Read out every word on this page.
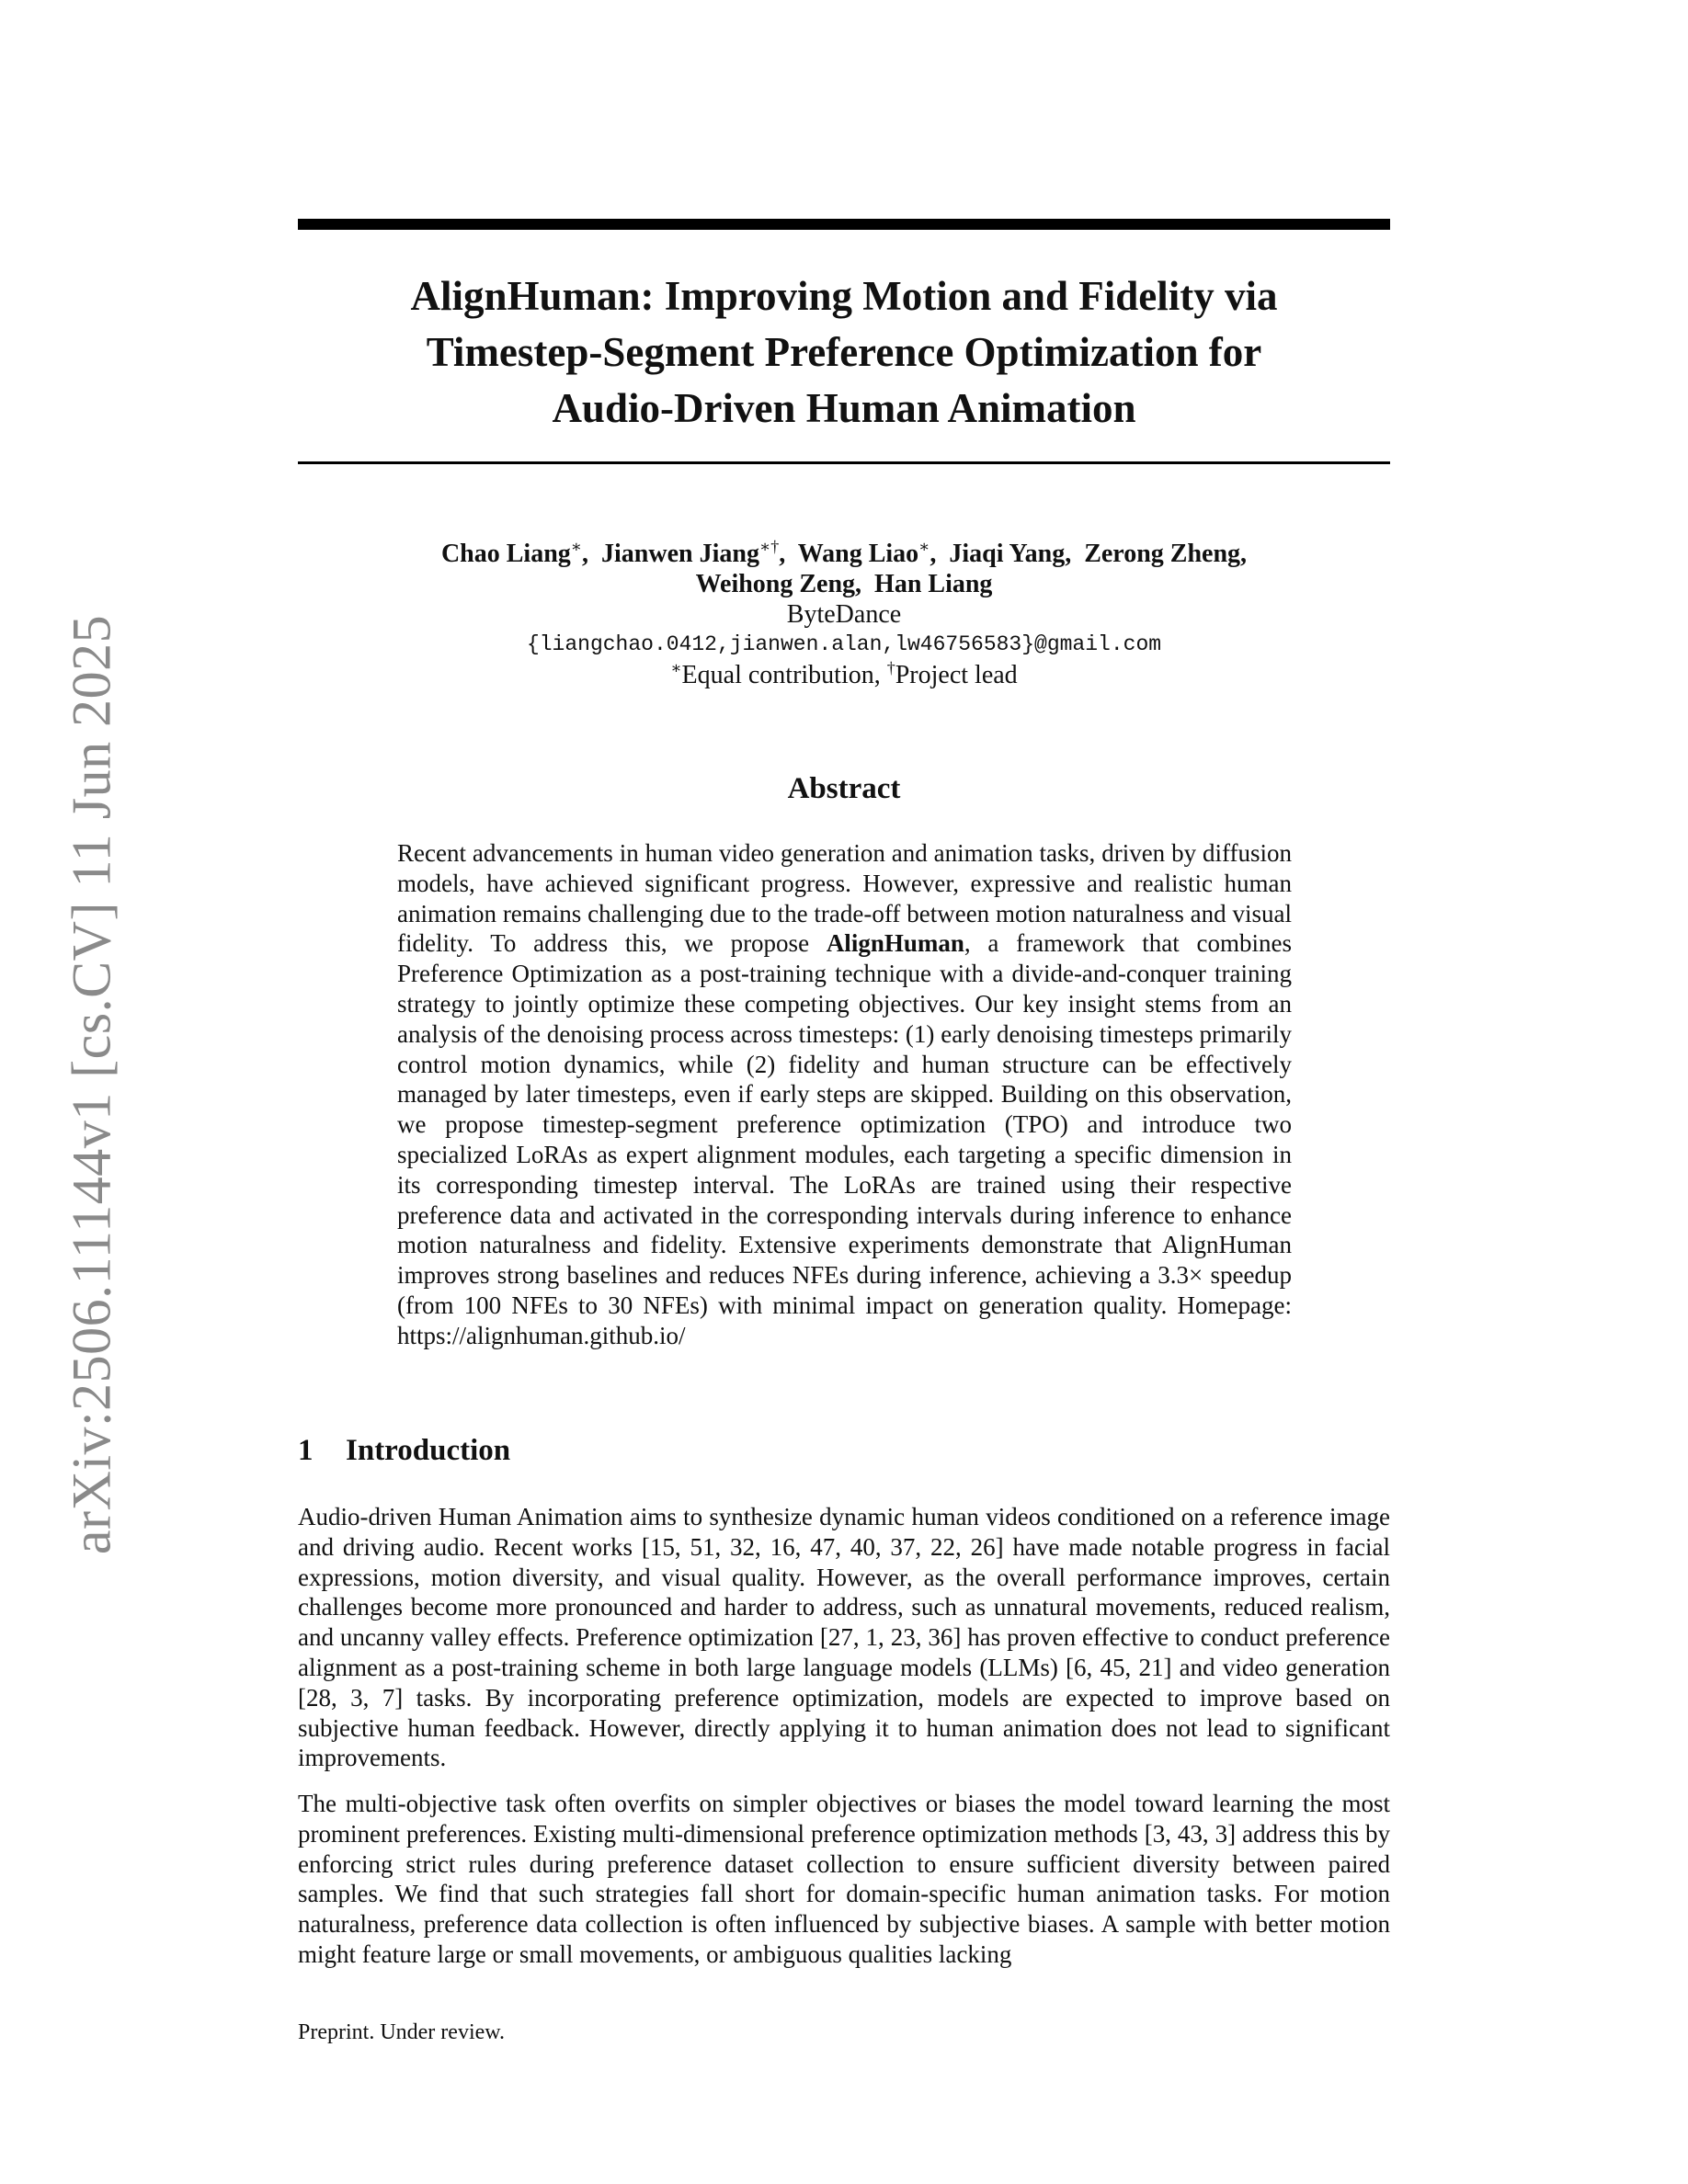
arXiv:2506.11144v1 [cs.CV] 11 Jun 2025
AlignHuman: Improving Motion and Fidelity via
Timestep-Segment Preference Optimization for
Audio-Driven Human Animation
Chao Liang∗,  Jianwen Jiang∗†,  Wang Liao∗,  Jiaqi Yang,  Zerong Zheng,
Weihong Zeng,  Han Liang
ByteDance
{liangchao.0412,jianwen.alan,lw46756583}@gmail.com
∗Equal contribution, †Project lead
Abstract

Recent advancements in human video generation and animation tasks, driven by diffusion models, have achieved significant progress. However, expressive and realistic human animation remains challenging due to the trade-off between motion naturalness and visual fidelity. To address this, we propose AlignHuman, a framework that combines Preference Optimization as a post-training technique with a divide-and-conquer training strategy to jointly optimize these competing objectives. Our key insight stems from an analysis of the denoising process across timesteps: (1) early denoising timesteps primarily control motion dynamics, while (2) fidelity and human structure can be effectively managed by later timesteps, even if early steps are skipped. Building on this observation, we propose timestep-segment preference optimization (TPO) and introduce two specialized LoRAs as expert alignment modules, each targeting a specific dimension in its corresponding timestep interval. The LoRAs are trained using their respective preference data and activated in the corresponding intervals during inference to enhance motion naturalness and fidelity. Extensive experiments demonstrate that AlignHuman improves strong baselines and reduces NFEs during inference, achieving a 3.3× speedup (from 100 NFEs to 30 NFEs) with minimal impact on generation quality. Homepage: https://alignhuman.github.io/

1 Introduction

Audio-driven Human Animation aims to synthesize dynamic human videos conditioned on a reference image and driving audio. Recent works [15, 51, 32, 16, 47, 40, 37, 22, 26] have made notable progress in facial expressions, motion diversity, and visual quality. However, as the overall performance improves, certain challenges become more pronounced and harder to address, such as unnatural movements, reduced realism, and uncanny valley effects. Preference optimization [27, 1, 23, 36] has proven effective to conduct preference alignment as a post-training scheme in both large language models (LLMs) [6, 45, 21] and video generation [28, 3, 7] tasks. By incorporating preference optimization, models are expected to improve based on subjective human feedback. However, directly applying it to human animation does not lead to significant improvements.

The multi-objective task often overfits on simpler objectives or biases the model toward learning the most prominent preferences. Existing multi-dimensional preference optimization methods [3, 43, 3] address this by enforcing strict rules during preference dataset collection to ensure sufficient diversity between paired samples. We find that such strategies fall short for domain-specific human animation tasks. For motion naturalness, preference data collection is often influenced by subjective biases. A sample with better motion might feature large or small movements, or ambiguous qualities lacking

Preprint. Under review.
